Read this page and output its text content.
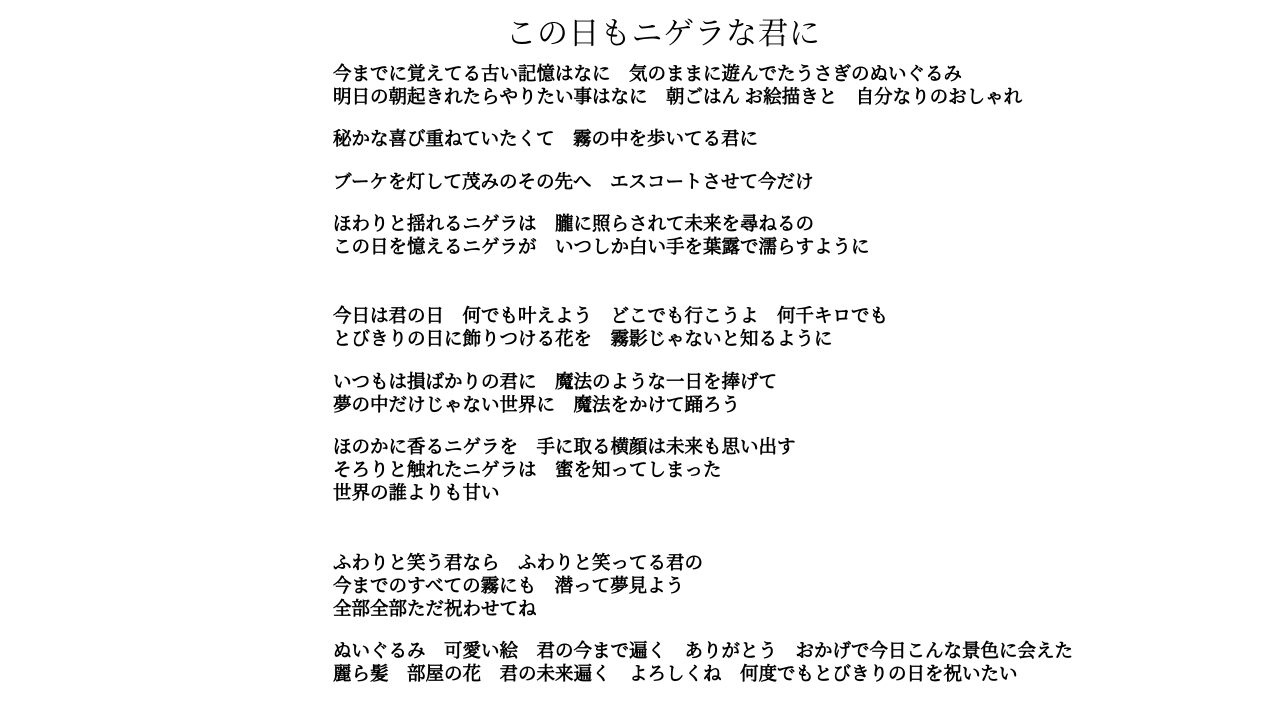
この日もニゲラな君に
今までに覚えてる古い記憶はなに　気のままに遊んでたうさぎのぬいぐるみ
明日の朝起きれたらやりたい事はなに　朝ごはん お絵描きと　自分なりのおしゃれ
秘かな喜び重ねていたくて　霧の中を歩いてる君に
ブーケを灯して茂みのその先へ　エスコートさせて今だけ
ほわりと揺れるニゲラは　朧に照らされて未来を尋ねるの
この日を憶えるニゲラが　いつしか白い手を葉露で濡らすように
今日は君の日　何でも叶えよう　どこでも行こうよ　何千キロでも
とびきりの日に飾りつける花を　霧影じゃないと知るように
いつもは損ばかりの君に　魔法のような一日を捧げて
夢の中だけじゃない世界に　魔法をかけて踊ろう
ほのかに香るニゲラを　手に取る横顔は未来も思い出す
そろりと触れたニゲラは　蜜を知ってしまった
世界の誰よりも甘い
ふわりと笑う君なら　ふわりと笑ってる君の
今までのすべての霧にも　潜って夢見よう
全部全部ただ祝わせてね
ぬいぐるみ　可愛い絵　君の今まで遍く　ありがとう　おかげで今日こんな景色に会えた
麗ら髪　部屋の花　君の未来遍く　よろしくね　何度でもとびきりの日を祝いたい
